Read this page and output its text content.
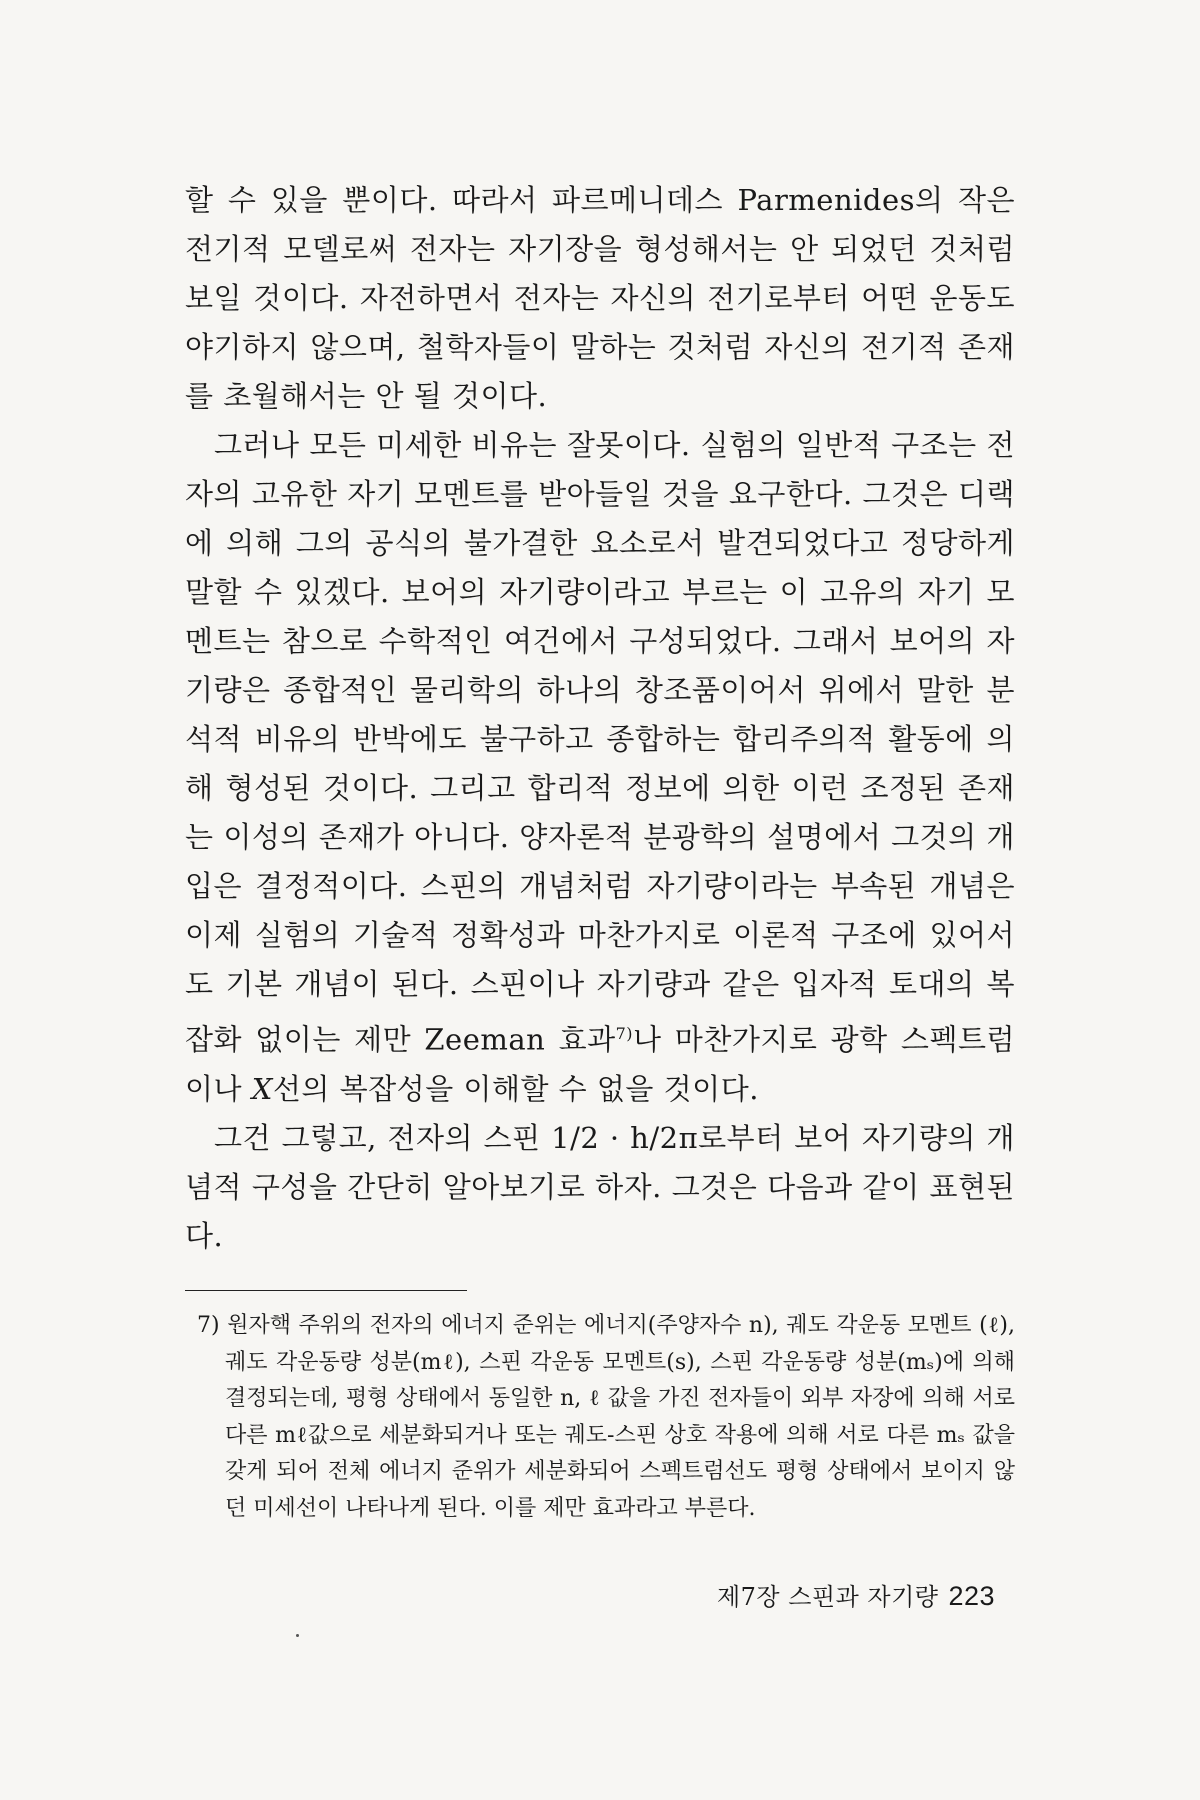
할 수 있을 뿐이다. 따라서 파르메니데스 Parmenides의 작은 전기적 모델로써 전자는 자기장을 형성해서는 안 되었던 것처럼 보일 것이다. 자전하면서 전자는 자신의 전기로부터 어떤 운동도 야기하지 않으며, 철학자들이 말하는 것처럼 자신의 전기적 존재를 초월해서는 안 될 것이다.

그러나 모든 미세한 비유는 잘못이다. 실험의 일반적 구조는 전자의 고유한 자기 모멘트를 받아들일 것을 요구한다. 그것은 디랙에 의해 그의 공식의 불가결한 요소로서 발견되었다고 정당하게 말할 수 있겠다. 보어의 자기량이라고 부르는 이 고유의 자기 모멘트는 참으로 수학적인 여건에서 구성되었다. 그래서 보어의 자기량은 종합적인 물리학의 하나의 창조품이어서 위에서 말한 분석적 비유의 반박에도 불구하고 종합하는 합리주의적 활동에 의해 형성된 것이다. 그리고 합리적 정보에 의한 이런 조정된 존재는 이성의 존재가 아니다. 양자론적 분광학의 설명에서 그것의 개입은 결정적이다. 스핀의 개념처럼 자기량이라는 부속된 개념은 이제 실험의 기술적 정확성과 마찬가지로 이론적 구조에 있어서도 기본 개념이 된다. 스핀이나 자기량과 같은 입자적 토대의 복잡화 없이는 제만 Zeeman 효과$^{7)}$나 마찬가지로 광학 스펙트럼이나 X선의 복잡성을 이해할 수 없을 것이다.

그건 그렇고, 전자의 스핀 1/2 · h/2π로부터 보어 자기량의 개념적 구성을 간단히 알아보기로 하자. 그것은 다음과 같이 표현된다.

7) 원자핵 주위의 전자의 에너지 준위는 에너지(주양자수 n), 궤도 각운동 모멘트 (ℓ), 궤도 각운동량 성분(mℓ), 스핀 각운동 모멘트(s), 스핀 각운동량 성분(mₛ)에 의해 결정되는데, 평형 상태에서 동일한 n, ℓ 값을 가진 전자들이 외부 자장에 의해 서로 다른 mℓ값으로 세분화되거나 또는 궤도-스핀 상호 작용에 의해 서로 다른 mₛ 값을 갖게 되어 전체 에너지 준위가 세분화되어 스펙트럼선도 평형 상태에서 보이지 않던 미세선이 나타나게 된다. 이를 제만 효과라고 부른다.

제7장 스핀과 자기량 223
